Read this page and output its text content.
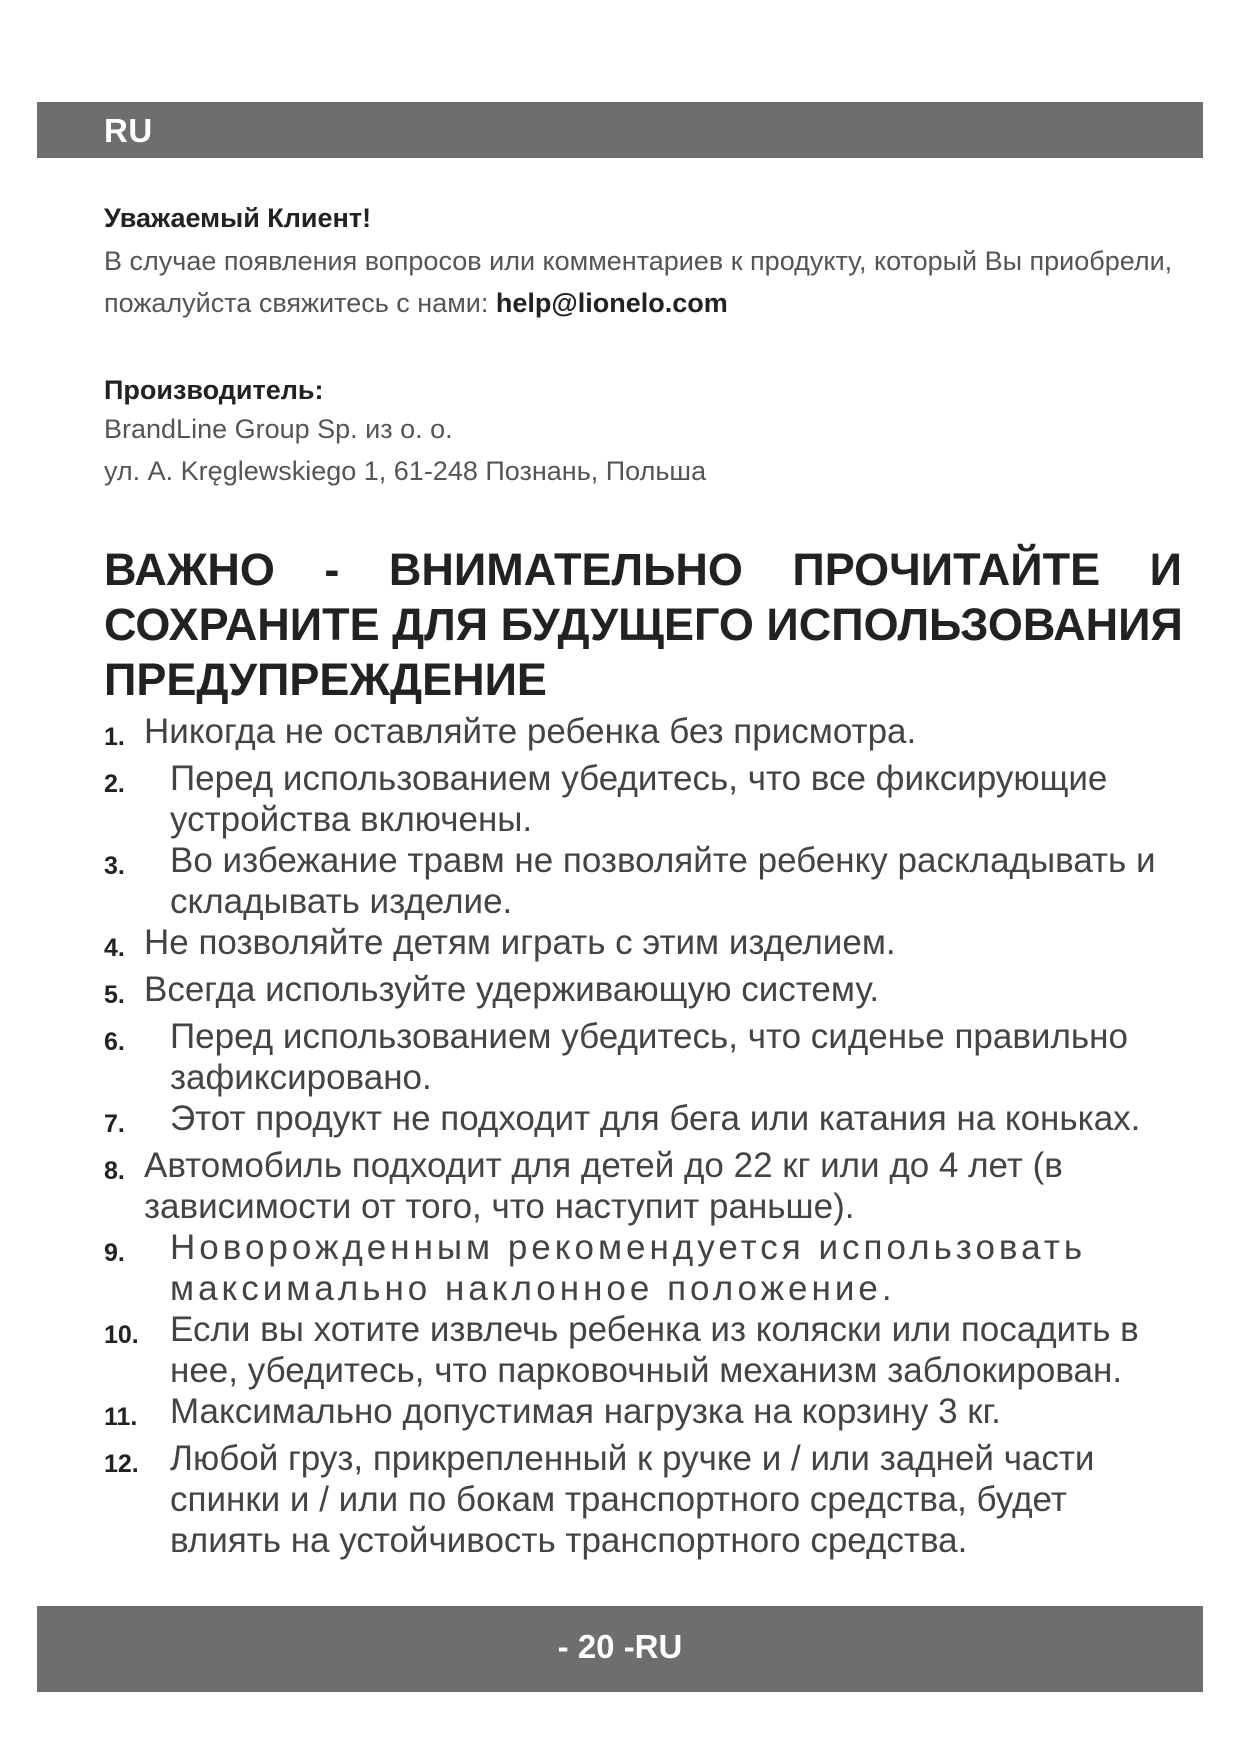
RU

Уважаемый Клиент!

В случае появления вопросов или комментариев к продукту, который Вы приобрели, пожалуйста свяжитесь с нами: help@lionelo.com

Производитель:

BrandLine Group Sp. из о. о.
ул. A. Kręglewskiego 1, 61-248 Познань, Польша
ВАЖНО - ВНИМАТЕЛЬНО ПРОЧИТАЙТЕ И
СОХРАНИТЕ ДЛЯ БУДУЩЕГО ИСПОЛЬЗОВАНИЯ
ПРЕДУПРЕЖДЕНИЕ
1. Никогда не оставляйте ребенка без присмотра.
2.	Перед использованием убедитесь, что все фиксирующие устройства включены.
3.	Во избежание травм не позволяйте ребенку раскладывать и складывать изделие.
4. Не позволяйте детям играть с этим изделием.
5. Всегда используйте удерживающую систему.
6.	Перед использованием убедитесь, что сиденье правильно зафиксировано.
7.	Этот продукт не подходит для бега или катания на коньках.
8. Автомобиль подходит для детей до 22 кг или до 4 лет (в зависимости от того, что наступит раньше).
9.	Новорожденным рекомендуется использовать максимально наклонное положение.
10. Если вы хотите извлечь ребенка из коляски или посадить в нее, убедитесь, что парковочный механизм заблокирован.
11. Максимально допустимая нагрузка на корзину 3 кг.
12. Любой груз, прикрепленный к ручке и / или задней части спинки и / или по бокам транспортного средства, будет влиять на устойчивость транспортного средства.
- 20 -RU
